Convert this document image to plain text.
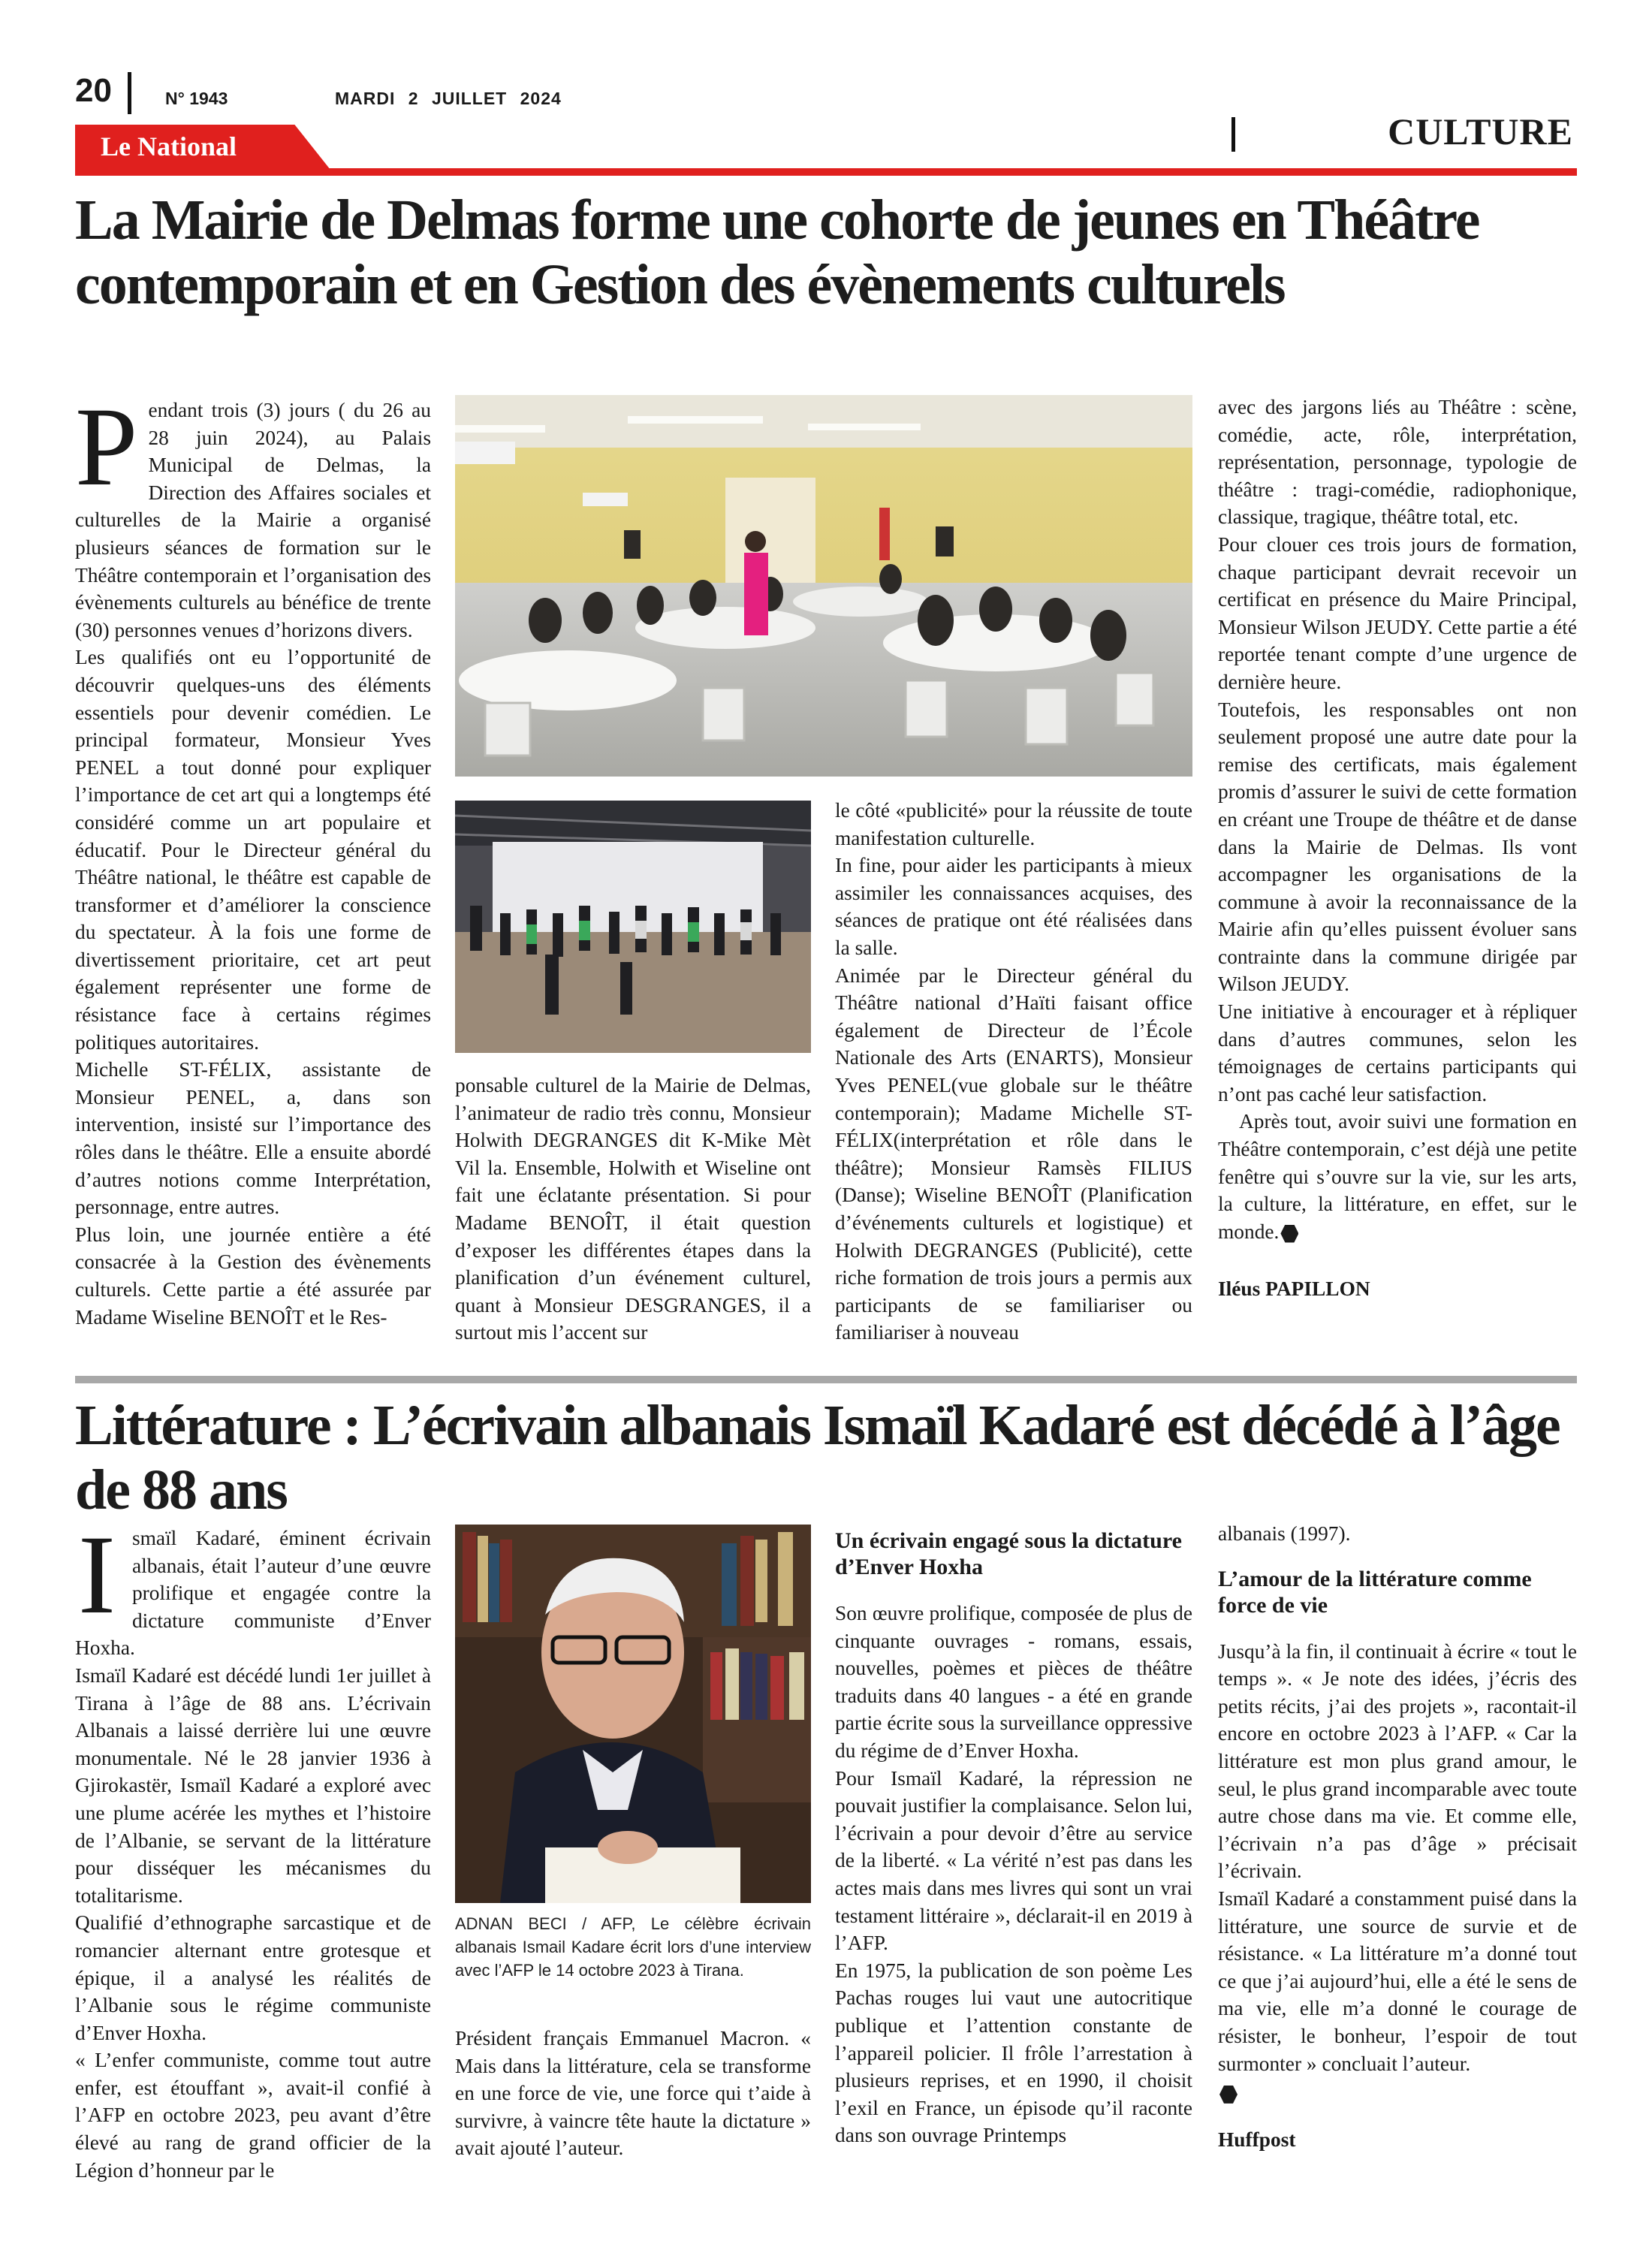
20	N° 1943	MARDI 2 JUILLET 2024
CULTURE
Le National
La Mairie de Delmas forme une cohorte de jeunes en Théâtre contemporain et en Gestion des évènements culturels

Pendant trois (3) jours ( du 26 au 28 juin 2024), au Palais Municipal de Delmas, la Direction des Affaires sociales et culturelles de la Mairie a organisé plusieurs séances de formation sur le Théâtre contemporain et l’organisation des évènements culturels au bénéfice de trente (30) personnes venues d’horizons divers.

Les qualifiés ont eu l’opportunité de découvrir quelques-uns des éléments essentiels pour devenir comédien. Le principal formateur, Monsieur Yves PENEL a tout donné pour expliquer l’importance de cet art qui a longtemps été considéré comme un art populaire et éducatif. Pour le Directeur général du Théâtre national, le théâtre est capable de transformer et d’améliorer la conscience du spectateur. À la fois une forme de divertissement prioritaire, cet art peut également représenter une forme de résistance face à certains régimes politiques autoritaires.

Michelle ST-FÉLIX, assistante de Monsieur PENEL, a, dans son intervention, insisté sur l’importance des rôles dans le théâtre. Elle a ensuite abordé d’autres notions comme Interprétation, personnage, entre autres.

Plus loin, une journée entière a été consacrée à la Gestion des évènements culturels. Cette partie a été assurée par Madame Wiseline BENOÎT et le Res-

ponsable culturel de la Mairie de Delmas, l’animateur de radio très connu, Monsieur Holwith DEGRANGES dit K-Mike Mèt Vil la. Ensemble, Holwith et Wiseline ont fait une éclatante présentation. Si pour Madame BENOÎT, il était question d’exposer les différentes étapes dans la planification d’un événement culturel, quant à Monsieur DESGRANGES, il a surtout mis l’accent sur

le côté «publicité» pour la réussite de toute manifestation culturelle.

In fine, pour aider les participants à mieux assimiler les connaissances acquises, des séances de pratique ont été réalisées dans la salle.

Animée par le Directeur général du Théâtre national d’Haïti faisant office également de Directeur de l’École Nationale des Arts (ENARTS), Monsieur Yves PENEL(vue globale sur le théâtre contemporain); Madame Michelle ST-FÉLIX(interprétation et rôle dans le théâtre); Monsieur Ramsès FILIUS (Danse); Wiseline BENOÎT (Planification d’événements culturels et logistique) et Holwith DEGRANGES (Publicité), cette riche formation de trois jours a permis aux participants de se familiariser ou familiariser à nouveau

avec des jargons liés au Théâtre : scène, comédie, acte, rôle, interprétation, représentation, personnage, typologie de théâtre : tragi-comédie, radiophonique, classique, tragique, théâtre total, etc.

Pour clouer ces trois jours de formation, chaque participant devrait recevoir un certificat en présence du Maire Principal, Monsieur Wilson JEUDY. Cette partie a été reportée tenant compte d’une urgence de dernière heure.

Toutefois, les responsables ont non seulement proposé une autre date pour la remise des certificats, mais également promis d’assurer le suivi de cette formation en créant une Troupe de théâtre et de danse dans la Mairie de Delmas. Ils vont accompagner les organisations de la commune à avoir la reconnaissance de la Mairie afin qu’elles puissent évoluer sans contrainte dans la commune dirigée par Wilson JEUDY.

Une initiative à encourager et à répliquer dans d’autres communes, selon les témoignages de certains participants qui n’ont pas caché leur satisfaction.

Après tout, avoir suivi une formation en Théâtre contemporain, c’est déjà une petite fenêtre qui s’ouvre sur la vie, sur les arts, la culture, la littérature, en effet, sur le monde.

Iléus PAPILLON

Littérature : L’écrivain albanais Ismaïl Kadaré est décédé à l’âge de 88 ans

Ismaïl Kadaré, éminent écrivain albanais, était l’auteur d’une œuvre prolifique et engagée contre la dictature communiste d’Enver Hoxha.

Ismaïl Kadaré est décédé lundi 1er juillet à Tirana à l’âge de 88 ans. L’écrivain Albanais a laissé derrière lui une œuvre monumentale. Né le 28 janvier 1936 à Gjirokastër, Ismaïl Kadaré a exploré avec une plume acérée les mythes et l’histoire de l’Albanie, se servant de la littérature pour disséquer les mécanismes du totalitarisme.

Qualifié d’ethnographe sarcastique et de romancier alternant entre grotesque et épique, il a analysé les réalités de l’Albanie sous le régime communiste d’Enver Hoxha.

« L’enfer communiste, comme tout autre enfer, est étouffant », avait-il confié à l’AFP en octobre 2023, peu avant d’être élevé au rang de grand officier de la Légion d’honneur par le

ADNAN BECI / AFP, Le célèbre écrivain albanais Ismail Kadare écrit lors d’une interview avec l’AFP le 14 octobre 2023 à Tirana.

Président français Emmanuel Macron. « Mais dans la littérature, cela se transforme en une force de vie, une force qui t’aide à survivre, à vaincre tête haute la dictature » avait ajouté l’auteur.

Un écrivain engagé sous la dictature d’Enver Hoxha

Son œuvre prolifique, composée de plus de cinquante ouvrages - romans, essais, nouvelles, poèmes et pièces de théâtre traduits dans 40 langues - a été en grande partie écrite sous la surveillance oppressive du régime de d’Enver Hoxha.

Pour Ismaïl Kadaré, la répression ne pouvait justifier la complaisance. Selon lui, l’écrivain a pour devoir d’être au service de la liberté. « La vérité n’est pas dans les actes mais dans mes livres qui sont un vrai testament littéraire », déclarait-il en 2019 à l’AFP.

En 1975, la publication de son poème Les Pachas rouges lui vaut une autocritique publique et l’attention constante de l’appareil policier. Il frôle l’arrestation à plusieurs reprises, et en 1990, il choisit l’exil en France, un épisode qu’il raconte dans son ouvrage Printemps

albanais (1997).

L’amour de la littérature comme force de vie

Jusqu’à la fin, il continuait à écrire « tout le temps ». « Je note des idées, j’écris des petits récits, j’ai des projets », racontait-il encore en octobre 2023 à l’AFP. « Car la littérature est mon plus grand amour, le seul, le plus grand incomparable avec toute autre chose dans ma vie. Et comme elle, l’écrivain n’a pas d’âge » précisait l’écrivain.

Ismaïl Kadaré a constamment puisé dans la littérature, une source de survie et de résistance. « La littérature m’a donné tout ce que j’ai aujourd’hui, elle a été le sens de ma vie, elle m’a donné le courage de résister, le bonheur, l’espoir de tout surmonter » concluait l’auteur.

Huffpost
